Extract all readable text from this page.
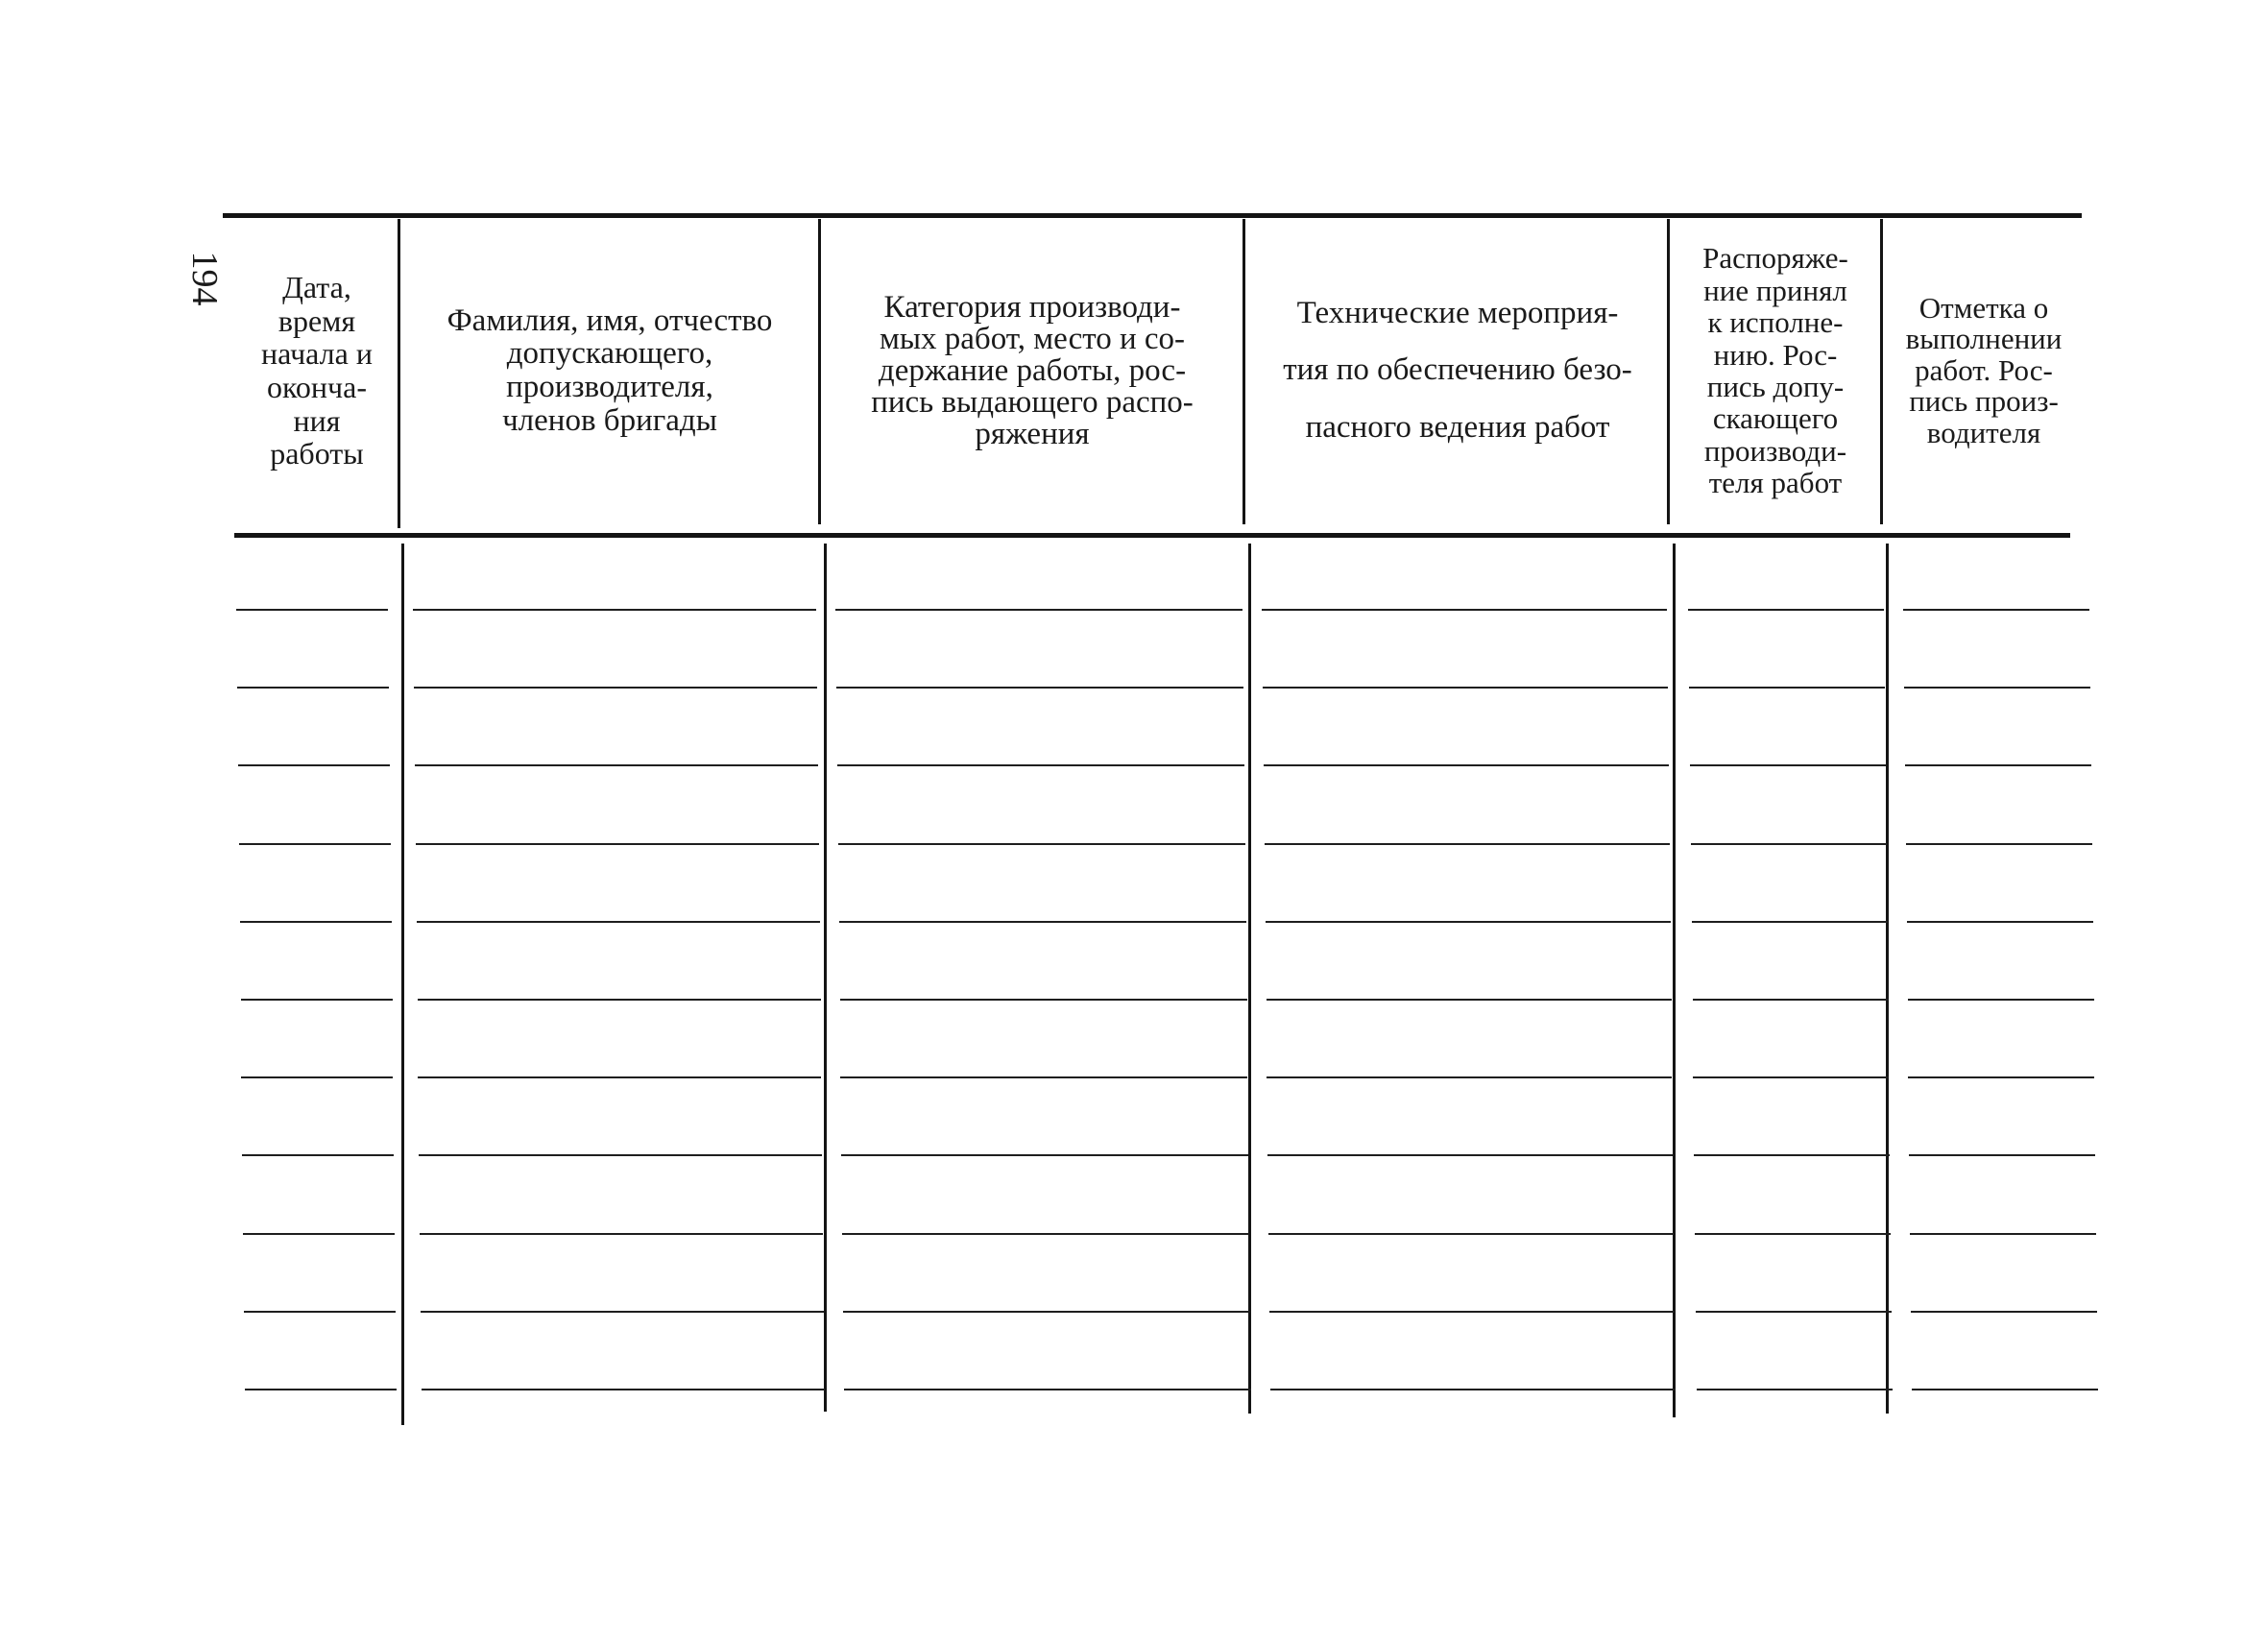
194	Дата,
время
начала и
оконча-
ния
работы
Фамилия, имя, отчество
допускающего,
производителя,
членов бригады
Категория производи-
мых работ, место и со-
держание работы, рос-
пись выдающего распо-
ряжения
Технические мероприя-
тия по обеспечению безо-
пасного ведения работ
Распоряже-
ние принял
к исполне-
нию. Рос-
пись допу-
скающего
производи-
теля работ
Отметка о
выполнении
работ. Рос-
пись произ-
водителя
